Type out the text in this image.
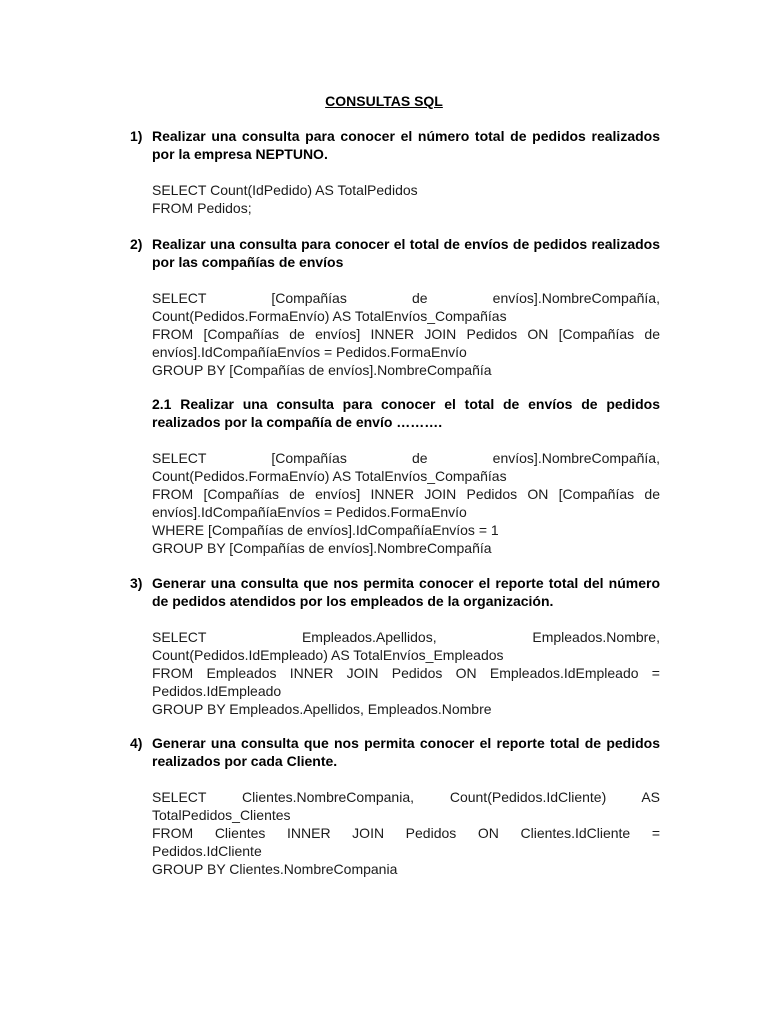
CONSULTAS SQL
1) Realizar una consulta para conocer el número total de pedidos realizados por la empresa NEPTUNO.
SELECT Count(IdPedido) AS TotalPedidos
FROM Pedidos;
2) Realizar una consulta para conocer el total de envíos de pedidos realizados por las compañías de envíos
SELECT [Compañías de envíos].NombreCompañía,
Count(Pedidos.FormaEnvío) AS TotalEnvíos_Compañías
FROM [Compañías de envíos] INNER JOIN Pedidos ON [Compañías de
envíos].IdCompañíaEnvíos = Pedidos.FormaEnvío
GROUP BY [Compañías de envíos].NombreCompañía
2.1 Realizar una consulta para conocer el total de envíos de pedidos realizados por la compañía de envío ……….
SELECT [Compañías de envíos].NombreCompañía,
Count(Pedidos.FormaEnvío) AS TotalEnvíos_Compañías
FROM [Compañías de envíos] INNER JOIN Pedidos ON [Compañías de
envíos].IdCompañíaEnvíos = Pedidos.FormaEnvío
WHERE [Compañías de envíos].IdCompañíaEnvíos = 1
GROUP BY [Compañías de envíos].NombreCompañía
3) Generar una consulta que nos permita conocer el reporte total del número de pedidos atendidos por los empleados de la organización.
SELECT Empleados.Apellidos, Empleados.Nombre,
Count(Pedidos.IdEmpleado) AS TotalEnvíos_Empleados
FROM Empleados INNER JOIN Pedidos ON Empleados.IdEmpleado =
Pedidos.IdEmpleado
GROUP BY Empleados.Apellidos, Empleados.Nombre
4) Generar una consulta que nos permita conocer el reporte total de pedidos realizados por cada Cliente.
SELECT Clientes.NombreCompania, Count(Pedidos.IdCliente) AS
TotalPedidos_Clientes
FROM Clientes INNER JOIN Pedidos ON Clientes.IdCliente =
Pedidos.IdCliente
GROUP BY Clientes.NombreCompania
